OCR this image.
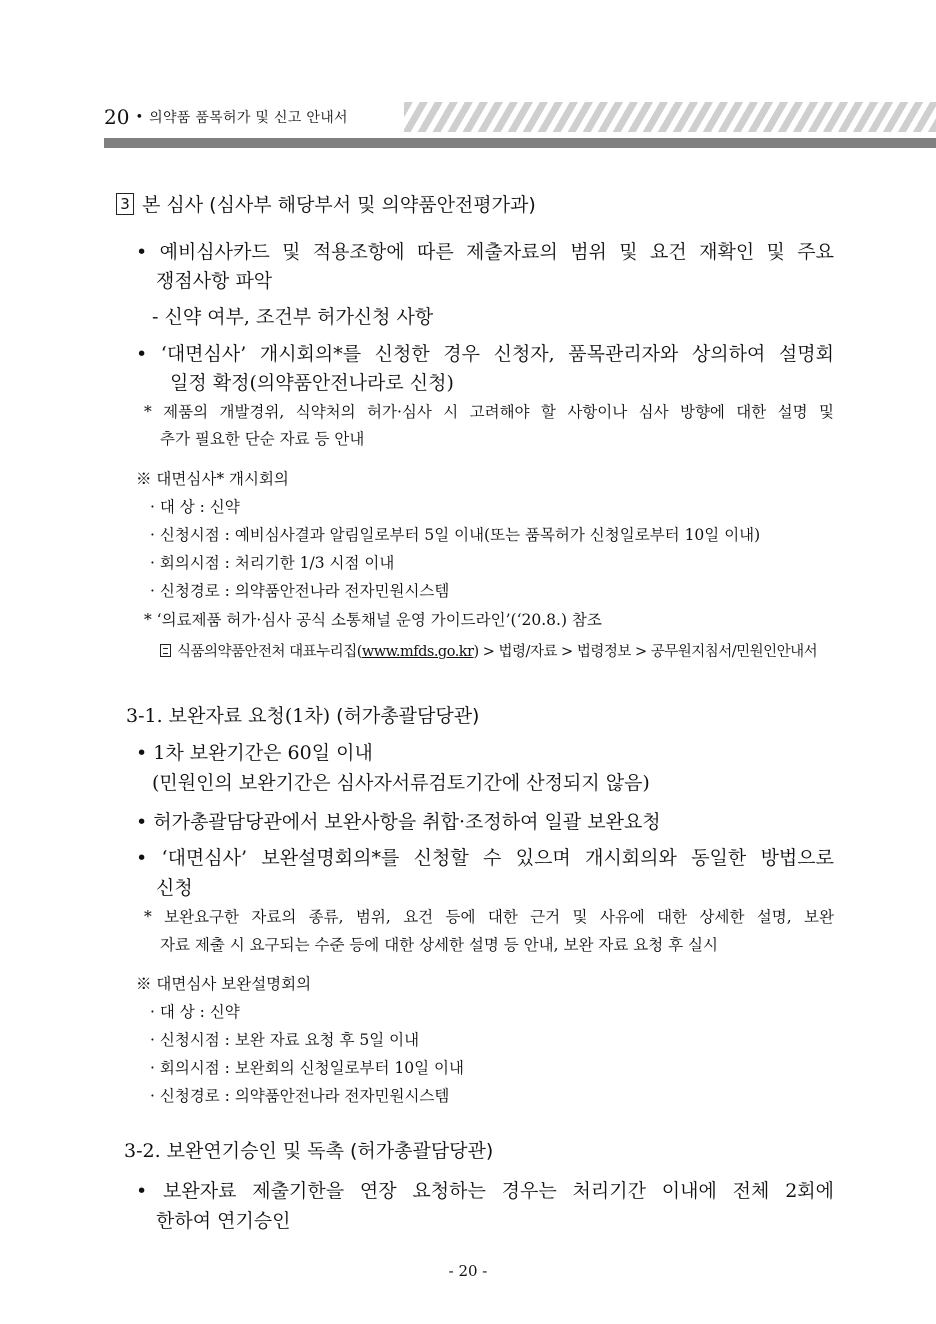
20 • 의약품 품목허가 및 신고 안내서
3 본 심사 (심사부 해당부서 및 의약품안전평가과)
• 예비심사카드 및 적용조항에 따른 제출자료의 범위 및 요건 재확인 및 주요
쟁점사항 파악
- 신약 여부, 조건부 허가신청 사항
• ‘대면심사’ 개시회의*를 신청한 경우 신청자, 품목관리자와 상의하여 설명회
일정 확정(의약품안전나라로 신청)
* 제품의 개발경위, 식약처의 허가·심사 시 고려해야 할 사항이나 심사 방향에 대한 설명 및
추가 필요한 단순 자료 등 안내
※ 대면심사* 개시회의
· 대 상 : 신약
· 신청시점 : 예비심사결과 알림일로부터 5일 이내(또는 품목허가 신청일로부터 10일 이내)
· 회의시점 : 처리기한 1/3 시점 이내
· 신청경로 : 의약품안전나라 전자민원시스템
* ‘의료제품 허가·심사 공식 소통채널 운영 가이드라인’(‘20.8.) 참조
식품의약품안전처 대표누리집(www.mfds.go.kr) > 법령/자료 > 법령정보 > 공무원지침서/민원인안내서
3-1. 보완자료 요청(1차) (허가총괄담당관)
• 1차 보완기간은 60일 이내
(민원인의 보완기간은 심사자서류검토기간에 산정되지 않음)
• 허가총괄담당관에서 보완사항을 취합·조정하여 일괄 보완요청
• ‘대면심사’ 보완설명회의*를 신청할 수 있으며 개시회의와 동일한 방법으로
신청
* 보완요구한 자료의 종류, 범위, 요건 등에 대한 근거 및 사유에 대한 상세한 설명, 보완
자료 제출 시 요구되는 수준 등에 대한 상세한 설명 등 안내, 보완 자료 요청 후 실시
※ 대면심사 보완설명회의
· 대 상 : 신약
· 신청시점 : 보완 자료 요청 후 5일 이내
· 회의시점 : 보완회의 신청일로부터 10일 이내
· 신청경로 : 의약품안전나라 전자민원시스템
3-2. 보완연기승인 및 독촉 (허가총괄담당관)
• 보완자료 제출기한을 연장 요청하는 경우는 처리기간 이내에 전체 2회에
한하여 연기승인
- 20 -
